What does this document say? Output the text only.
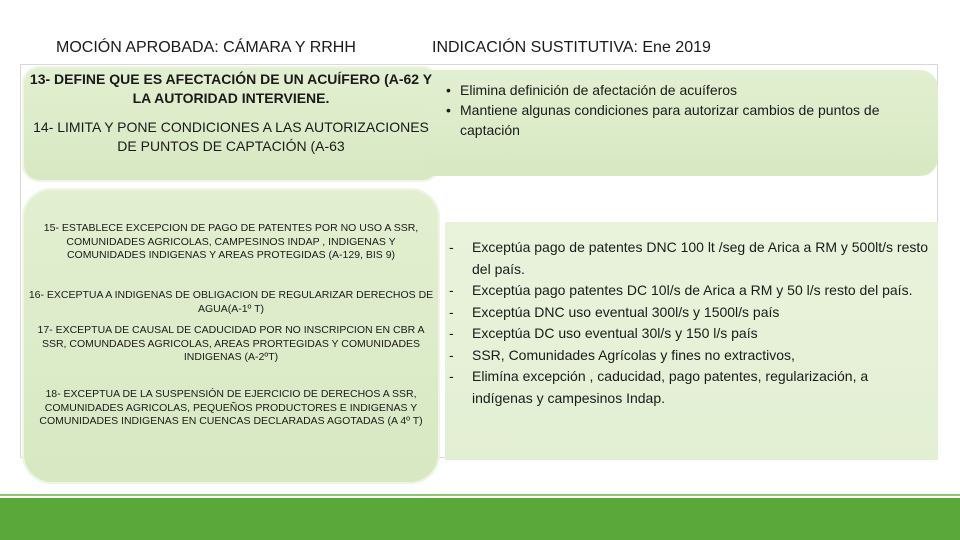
MOCIÓN APROBADA: CÁMARA Y RRHH	INDICACIÓN SUSTITUTIVA: Ene 2019
13- DEFINE QUE ES AFECTACIÓN DE UN ACUÍFERO (A-62 Y LA AUTORIDAD INTERVIENE.
14- LIMITA Y PONE CONDICIONES A LAS AUTORIZACIONES DE PUNTOS DE CAPTACIÓN (A-63
15- ESTABLECE EXCEPCION DE PAGO DE PATENTES POR NO USO A SSR, COMUNIDADES AGRICOLAS, CAMPESINOS INDAP , INDIGENAS Y COMUNIDADES INDIGENAS Y AREAS PROTEGIDAS (A-129, BIS 9)
16- EXCEPTUA A INDIGENAS DE OBLIGACION DE REGULARIZAR DERECHOS DE AGUA(A-1º T)
17- EXCEPTUA DE CAUSAL DE CADUCIDAD POR NO INSCRIPCION EN CBR A SSR, COMUNDADES AGRICOLAS, AREAS PRORTEGIDAS Y COMUNIDADES INDIGENAS (A-2ºT)
18- EXCEPTUA DE LA SUSPENSIÓN DE EJERCICIO DE DERECHOS A SSR, COMUNIDADES AGRICOLAS, PEQUEÑOS PRODUCTORES E INDIGENAS Y COMUNIDADES INDIGENAS EN CUENCAS DECLARADAS AGOTADAS (A 4º T)
• Elimina definición de afectación de acuíferos
• Mantiene algunas condiciones para autorizar cambios de puntos de captación
- Exceptúa pago de patentes DNC 100 lt /seg de Arica a RM y 500lt/s resto del país.
- Exceptúa pago patentes DC 10l/s de Arica a RM y 50 l/s resto del país.
- Exceptúa DNC uso eventual 300l/s y 1500l/s país
- Exceptúa DC uso eventual 30l/s y 150 l/s país
- SSR, Comunidades Agrícolas y fines no extractivos,
- Elimína excepción , caducidad, pago patentes, regularización, a indígenas y campesinos Indap.
